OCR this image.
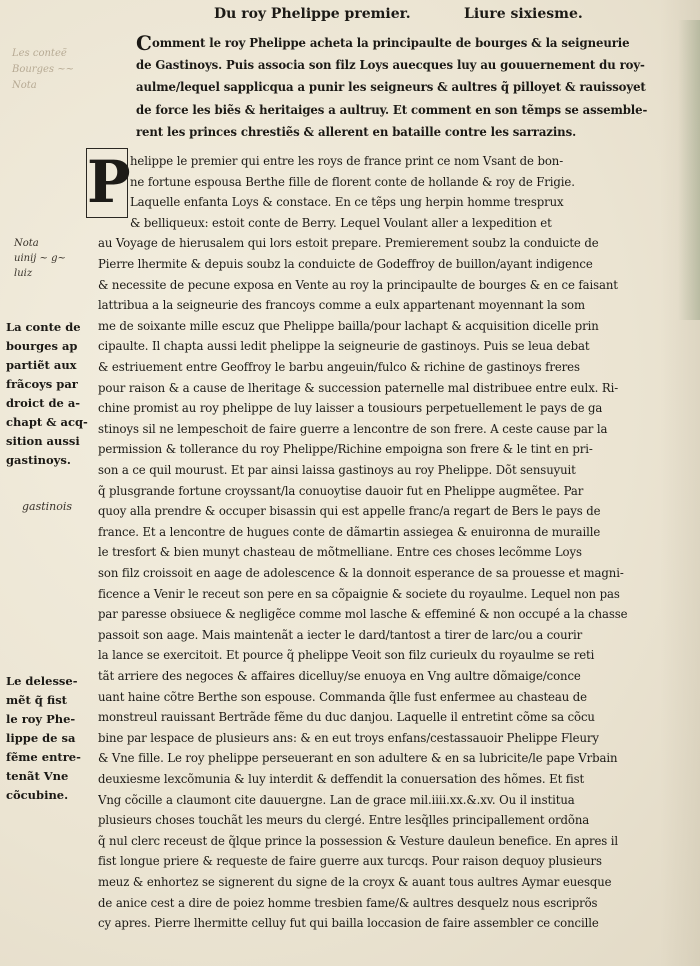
Du roy Phelippe premier.	Liure sixiesme.
C
P
omment le roy Phelippe acheta la principaulte de bourges & la seigneurie
de Gastinoys. Puis associa son filz Loys auecques luy au gouuernement du roy-
aulme/lequel sapplicqua a punir les seigneurs & aultres q̃ pilloyet & rauissoyet
de force les biẽs & heritaiges a aultruy. Et comment en son tẽmps se assemble-
rent les princes chrestiẽs & allerent en bataille contre les sarrazins.
helippe le premier qui entre les roys de france print ce nom Vsant de bon-
ne fortune espousa Berthe fille de florent conte de hollande & roy de Frigie.
Laquelle enfanta Loys & constace. En ce tẽps ung herpin homme tresprux
& belliqueux: estoit conte de Berry. Lequel Voulant aller a lexpedition et
au Voyage de hierusalem qui lors estoit prepare. Premierement soubz la conduicte de
Pierre lhermite & depuis soubz la conduicte de Godeffroy de buillon/ayant indigence
& necessite de pecune exposa en Vente au roy la principaulte de bourges & en ce faisant
lattribua a la seigneurie des francoys comme a eulx appartenant moyennant la som
me de soixante mille escuz que Phelippe bailla/pour lachapt & acquisition dicelle prin
cipaulte. Il chapta aussi ledit phelippe la seigneurie de gastinoys. Puis se leua debat
& estriuement entre Geoffroy le barbu angeuin/fulco & richine de gastinoys freres
pour raison & a cause de lheritage & succession paternelle mal distribuee entre eulx. Ri-
chine promist au roy phelippe de luy laisser a tousiours perpetuellement le pays de ga
stinoys sil ne lempeschoit de faire guerre a lencontre de son frere. A ceste cause par la
permission & tollerance du roy Phelippe/Richine empoigna son frere & le tint en pri-
son a ce quil mourust. Et par ainsi laissa gastinoys au roy Phelippe. Dõt sensuyuit
q̃ plusgrande fortune croyssant/la conuoytise dauoir fut en Phelippe augmẽtee. Par
quoy alla prendre & occuper bisassin qui est appelle franc/a regart de Bers le pays de
france. Et a lencontre de hugues conte de dãmartin assiegea & enuironna de muraille
le tresfort & bien munyt chasteau de mõtmelliane. Entre ces choses lecõmme Loys
son filz croissoit en aage de adolescence & la donnoit esperance de sa prouesse et magni-
ficence a Venir le receut son pere en sa cõpaignie & societe du royaulme. Lequel non pas
par paresse obsiuece & negligẽce comme mol lasche & effeminé & non occupé a la chasse
passoit son aage. Mais maintenãt a iecter le dard/tantost a tirer de larc/ou a courir
la lance se exercitoit. Et pource q̃ phelippe Veoit son filz curieulx du royaulme se reti
tãt arriere des negoces & affaires dicelluy/se enuoya en Vng aultre dõmaige/conce
uant haine cõtre Berthe son espouse. Commanda q̃lle fust enfermee au chasteau de
monstreul rauissant Bertrãde fẽme du duc danjou. Laquelle il entretint cõme sa cõcu
bine par lespace de plusieurs ans: & en eut troys enfans/cestassauoir Phelippe Fleury
& Vne fille. Le roy phelippe perseuerant en son adultere & en sa lubricite/le pape Vrbain
deuxiesme lexcõmunia & luy interdit & deffendit la conuersation des hõmes. Et fist
Vng cõcille a claumont cite dauuergne. Lan de grace mil.iiii.xx.&.xv. Ou il institua
plusieurs choses touchãt les meurs du clergé. Entre lesq̃lles principallement ordõna
q̃ nul clerc receust de q̃lque prince la possession & Vesture dauleun benefice. En apres il
fist longue priere & requeste de faire guerre aux turcqs. Pour raison dequoy plusieurs
meuz & enhortez se signerent du signe de la croyx & auant tous aultres Aymar euesque
de anice cest a dire de poiez homme tresbien fame/& aultres desquelz nous escriprõs
cy apres. Pierre lhermitte celluy fut qui bailla loccasion de faire assembler ce concille
La conte de
bourges ap
partiẽt aux
frãcoys par
droict de a-
chapt & acq-
sition aussi
gastinoys.
Le delesse-
mẽt q̃ fist
le roy Phe-
lippe de sa
fẽme entre-
tenãt Vne
cõcubine.
Les conteẽ
Bourges ~~
Nota
Nota
uinij ~ g~
luiz
gastinois
